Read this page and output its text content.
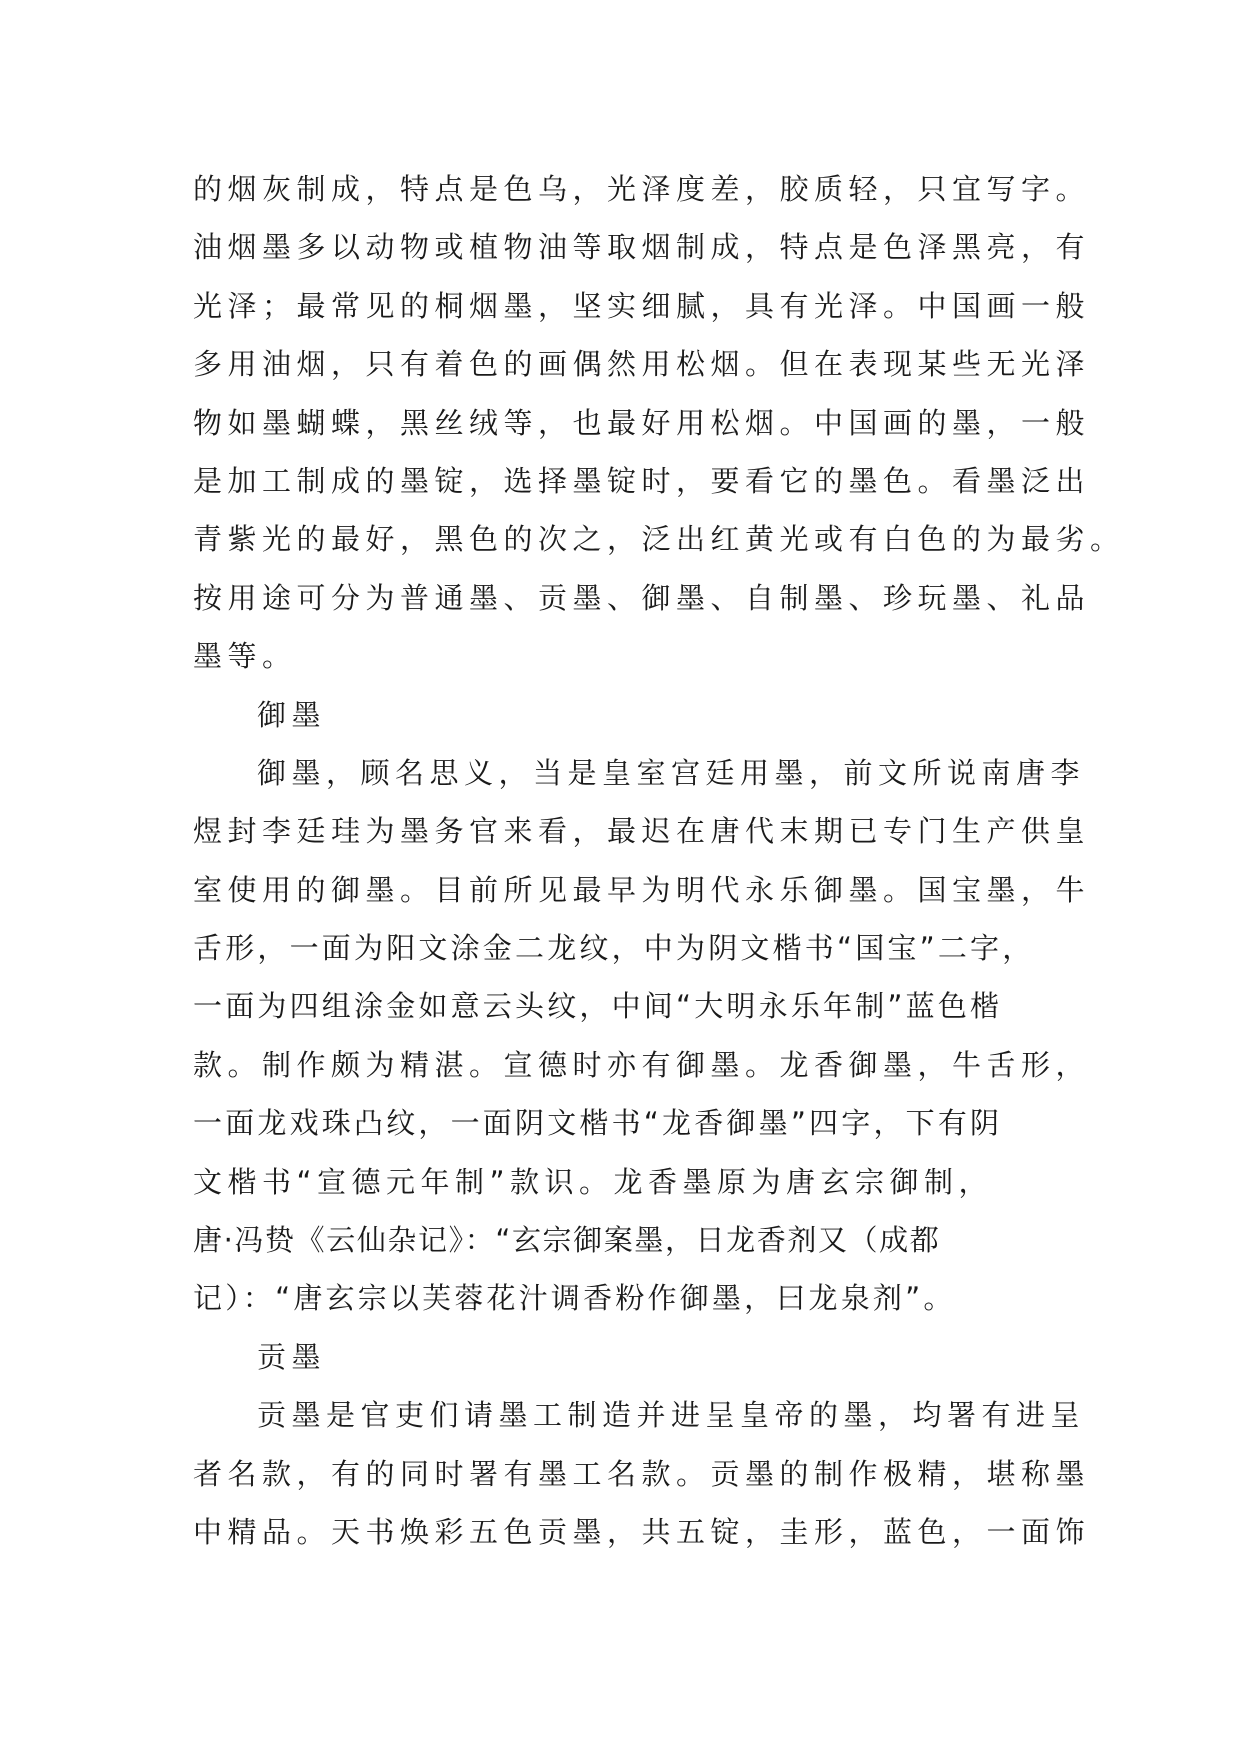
的烟灰制成，特点是色乌，光泽度差，胶质轻，只宜写字。
油烟墨多以动物或植物油等取烟制成，特点是色泽黑亮，有
光泽；最常见的桐烟墨，坚实细腻，具有光泽。中国画一般
多用油烟，只有着色的画偶然用松烟。但在表现某些无光泽
物如墨蝴蝶，黑丝绒等，也最好用松烟。中国画的墨，一般
是加工制成的墨锭，选择墨锭时，要看它的墨色。看墨泛出
青紫光的最好，黑色的次之，泛出红黄光或有白色的为最劣。
按用途可分为普通墨、贡墨、御墨、自制墨、珍玩墨、礼品
墨等。
御墨
御墨，顾名思义，当是皇室宫廷用墨，前文所说南唐李
煜封李廷珪为墨务官来看，最迟在唐代末期已专门生产供皇
室使用的御墨。目前所见最早为明代永乐御墨。国宝墨，牛
舌形，一面为阳文涂金二龙纹，中为阴文楷书“国宝”二字，
一面为四组涂金如意云头纹，中间“大明永乐年制”蓝色楷
款。制作颇为精湛。宣德时亦有御墨。龙香御墨，牛舌形，
一面龙戏珠凸纹，一面阴文楷书“龙香御墨”四字，下有阴
文楷书“宣德元年制”款识。龙香墨原为唐玄宗御制，
唐·冯贽《云仙杂记》：“玄宗御案墨，日龙香剂又（成都
记）：“唐玄宗以芙蓉花汁调香粉作御墨，曰龙泉剂”。
贡墨
贡墨是官吏们请墨工制造并进呈皇帝的墨，均署有进呈
者名款，有的同时署有墨工名款。贡墨的制作极精，堪称墨
中精品。天书焕彩五色贡墨，共五锭，圭形，蓝色，一面饰
